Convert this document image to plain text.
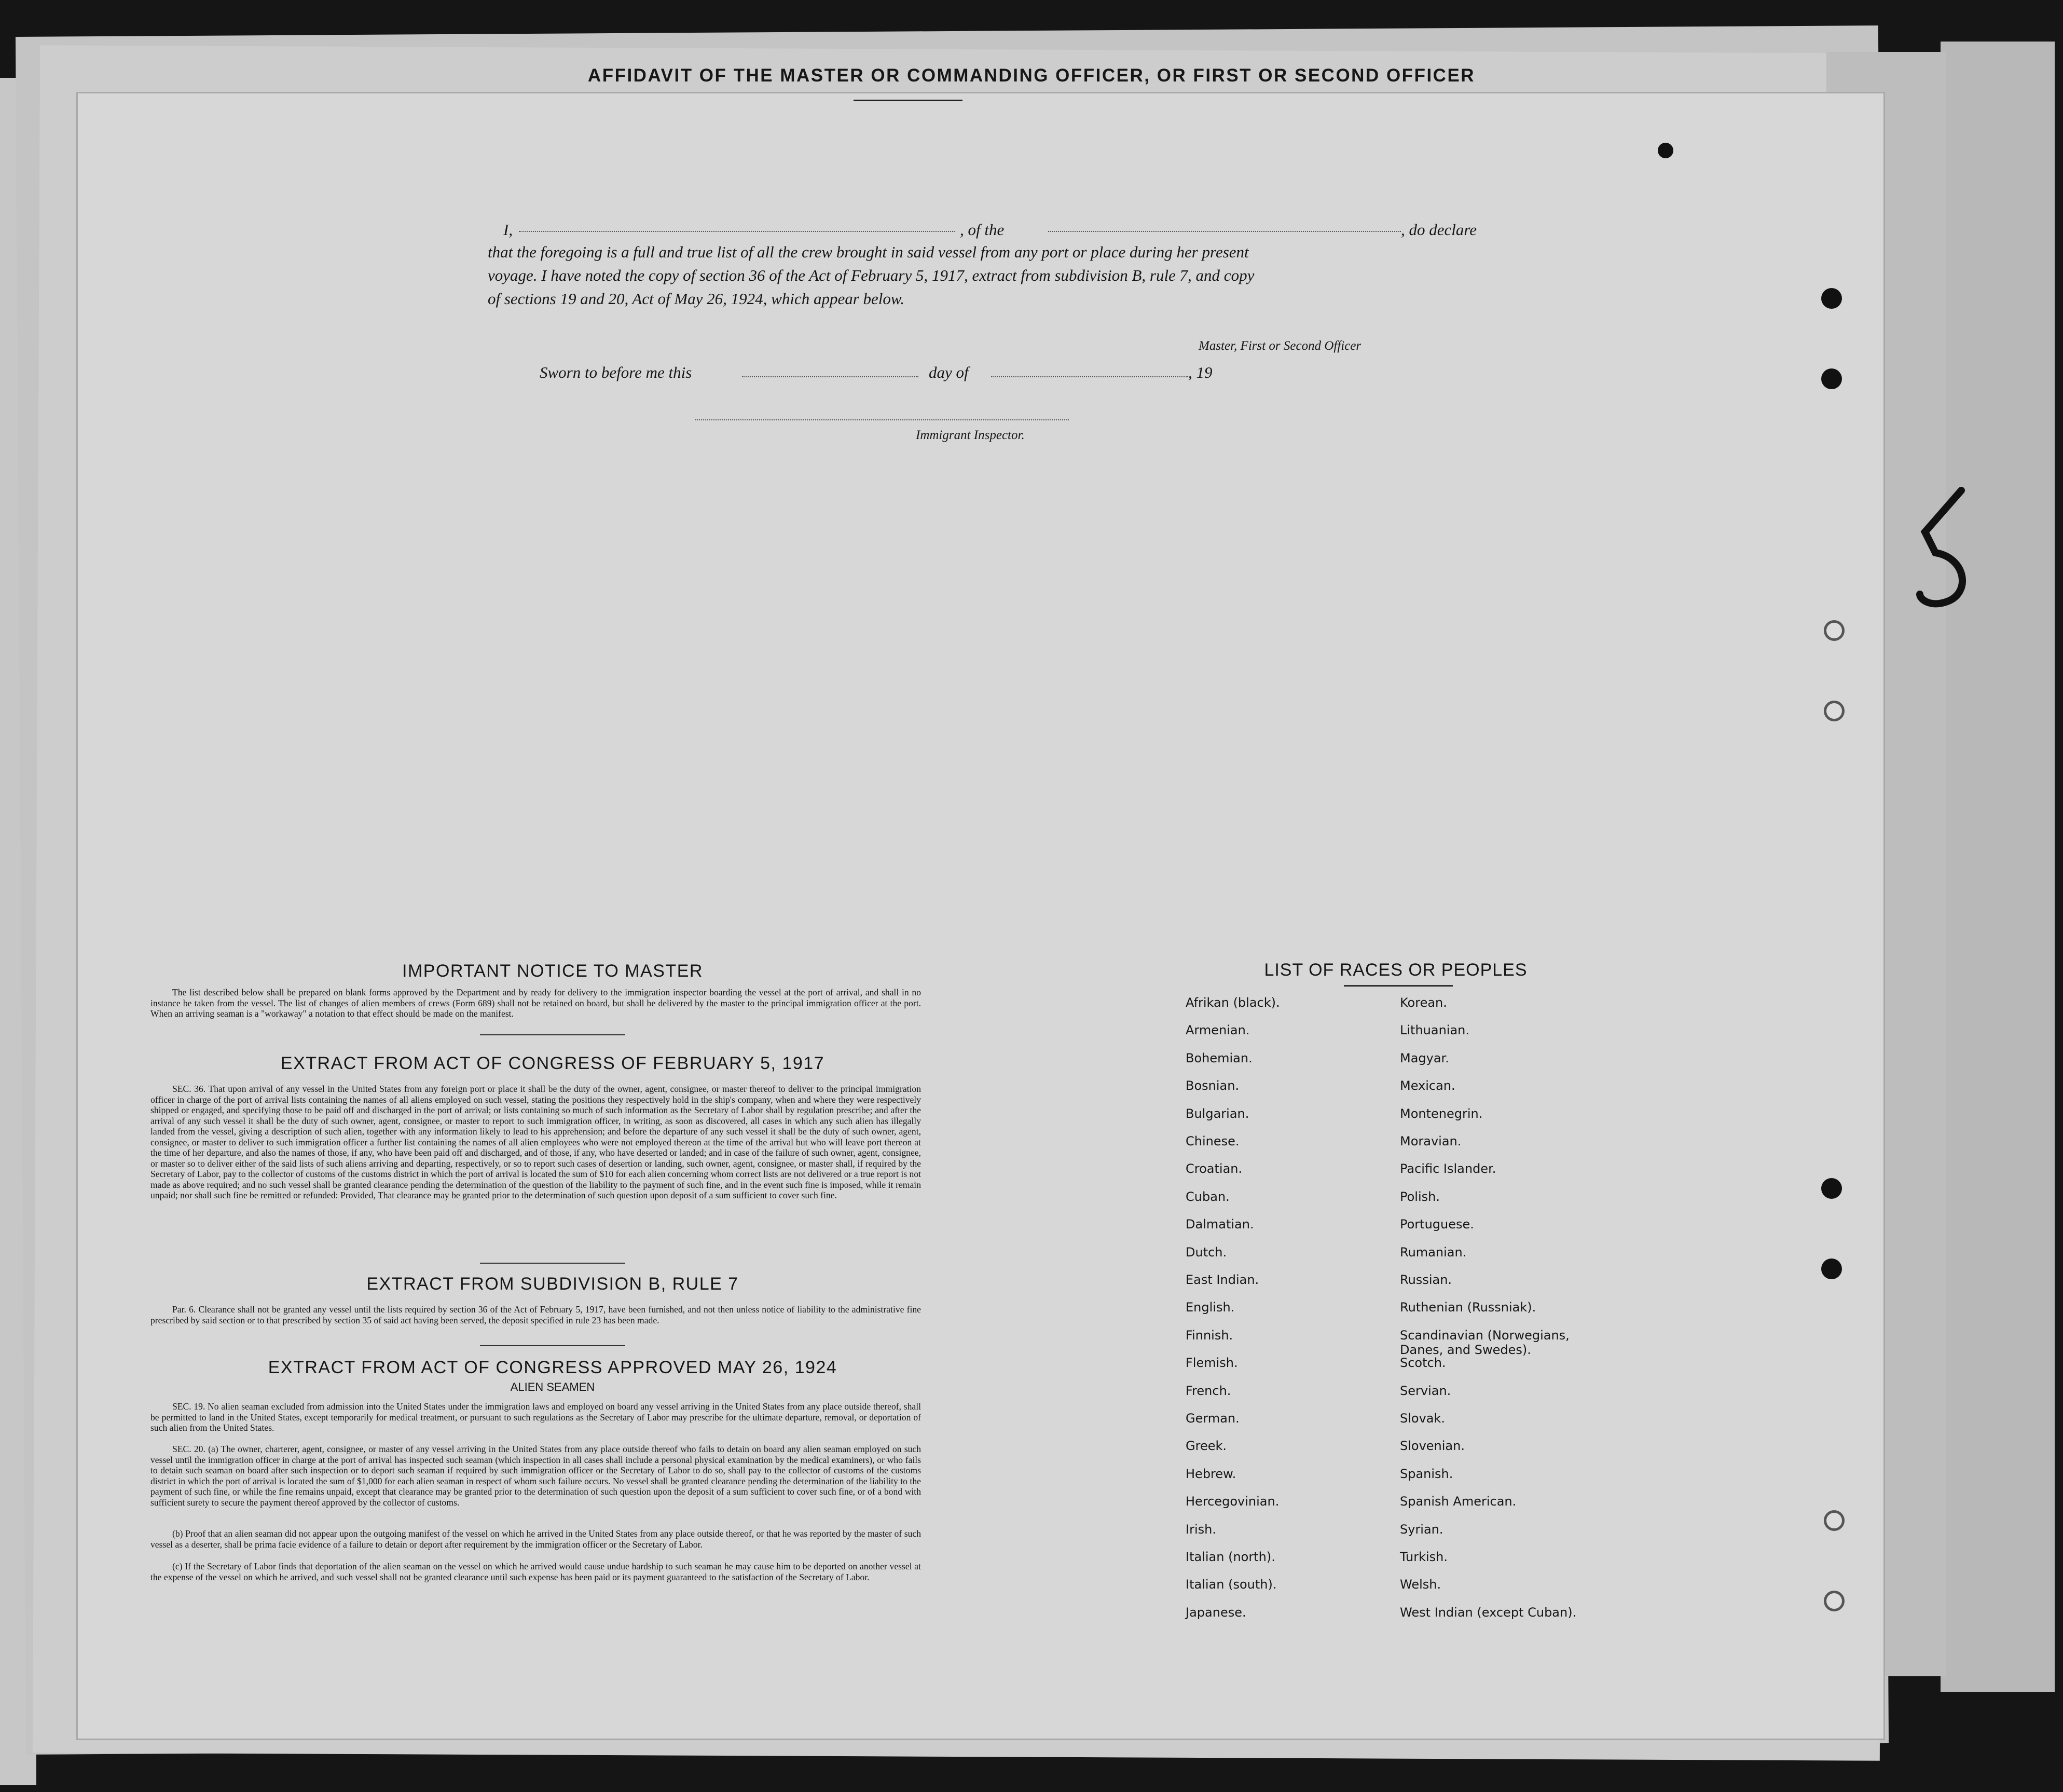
AFFIDAVIT OF THE MASTER OR COMMANDING OFFICER, OR FIRST OR SECOND OFFICER
I,	, of the	, do declare
that the foregoing is a full and true list of all the crew brought in said vessel from any port or place during her present
voyage. I have noted the copy of section 36 of the Act of February 5, 1917, extract from subdivision B, rule 7, and copy
of sections 19 and 20, Act of May 26, 1924, which appear below.
Master, First or Second Officer
Sworn to before me this	day of	, 19
Immigrant Inspector.
IMPORTANT NOTICE TO MASTER
The list described below shall be prepared on blank forms approved by the Department and by ready for delivery to the immigration inspector boarding the vessel at the port of arrival, and shall in no instance be taken from the vessel. The list of changes of alien members of crews (Form 689) shall not be retained on board, but shall be delivered by the master to the principal immigration officer at the port. When an arriving seaman is a "workaway" a notation to that effect should be made on the manifest.
EXTRACT FROM ACT OF CONGRESS OF FEBRUARY 5, 1917
SEC. 36. That upon arrival of any vessel in the United States from any foreign port or place it shall be the duty of the owner, agent, consignee, or master thereof to deliver to the principal immigration officer in charge of the port of arrival lists containing the names of all aliens employed on such vessel, stating the positions they respectively hold in the ship's company, when and where they were respectively shipped or engaged, and specifying those to be paid off and discharged in the port of arrival; or lists containing so much of such information as the Secretary of Labor shall by regulation prescribe; and after the arrival of any such vessel it shall be the duty of such owner, agent, consignee, or master to report to such immigration officer, in writing, as soon as discovered, all cases in which any such alien has illegally landed from the vessel, giving a description of such alien, together with any information likely to lead to his apprehension; and before the departure of any such vessel it shall be the duty of such owner, agent, consignee, or master to deliver to such immigration officer a further list containing the names of all alien employees who were not employed thereon at the time of the arrival but who will leave port thereon at the time of her departure, and also the names of those, if any, who have been paid off and discharged, and of those, if any, who have deserted or landed; and in case of the failure of such owner, agent, consignee, or master so to deliver either of the said lists of such aliens arriving and departing, respectively, or so to report such cases of desertion or landing, such owner, agent, consignee, or master shall, if required by the Secretary of Labor, pay to the collector of customs of the customs district in which the port of arrival is located the sum of $10 for each alien concerning whom correct lists are not delivered or a true report is not made as above required; and no such vessel shall be granted clearance pending the determination of the question of the liability to the payment of such fine, and in the event such fine is imposed, while it remain unpaid; nor shall such fine be remitted or refunded: Provided, That clearance may be granted prior to the determination of such question upon deposit of a sum sufficient to cover such fine.
EXTRACT FROM SUBDIVISION B, RULE 7
Par. 6. Clearance shall not be granted any vessel until the lists required by section 36 of the Act of February 5, 1917, have been furnished, and not then unless notice of liability to the administrative fine prescribed by said section or to that prescribed by section 35 of said act having been served, the deposit specified in rule 23 has been made.
EXTRACT FROM ACT OF CONGRESS APPROVED MAY 26, 1924
ALIEN SEAMEN
SEC. 19. No alien seaman excluded from admission into the United States under the immigration laws and employed on board any vessel arriving in the United States from any place outside thereof, shall be permitted to land in the United States, except temporarily for medical treatment, or pursuant to such regulations as the Secretary of Labor may prescribe for the ultimate departure, removal, or deportation of such alien from the United States.
SEC. 20. (a) The owner, charterer, agent, consignee, or master of any vessel arriving in the United States from any place outside thereof who fails to detain on board any alien seaman employed on such vessel until the immigration officer in charge at the port of arrival has inspected such seaman (which inspection in all cases shall include a personal physical examination by the medical examiners), or who fails to detain such seaman on board after such inspection or to deport such seaman if required by such immigration officer or the Secretary of Labor to do so, shall pay to the collector of customs of the customs district in which the port of arrival is located the sum of $1,000 for each alien seaman in respect of whom such failure occurs. No vessel shall be granted clearance pending the determination of the liability to the payment of such fine, or while the fine remains unpaid, except that clearance may be granted prior to the determination of such question upon the deposit of a sum sufficient to cover such fine, or of a bond with sufficient surety to secure the payment thereof approved by the collector of customs.
(b) Proof that an alien seaman did not appear upon the outgoing manifest of the vessel on which he arrived in the United States from any place outside thereof, or that he was reported by the master of such vessel as a deserter, shall be prima facie evidence of a failure to detain or deport after requirement by the immigration officer or the Secretary of Labor.
(c) If the Secretary of Labor finds that deportation of the alien seaman on the vessel on which he arrived would cause undue hardship to such seaman he may cause him to be deported on another vessel at the expense of the vessel on which he arrived, and such vessel shall not be granted clearance until such expense has been paid or its payment guaranteed to the satisfaction of the Secretary of Labor.
LIST OF RACES OR PEOPLES
Afrikan (black).
Armenian.
Bohemian.
Bosnian.
Bulgarian.
Chinese.
Croatian.
Cuban.
Dalmatian.
Dutch.
East Indian.
English.
Finnish.
Flemish.
French.
German.
Greek.
Hebrew.
Hercegovinian.
Irish.
Italian (north).
Italian (south).
Japanese.
Korean.
Lithuanian.
Magyar.
Mexican.
Montenegrin.
Moravian.
Pacific Islander.
Polish.
Portuguese.
Rumanian.
Russian.
Ruthenian (Russniak).
Scandinavian (Norwegians, Danes, and Swedes).
Scotch.
Servian.
Slovak.
Slovenian.
Spanish.
Spanish American.
Syrian.
Turkish.
Welsh.
West Indian (except Cuban).
